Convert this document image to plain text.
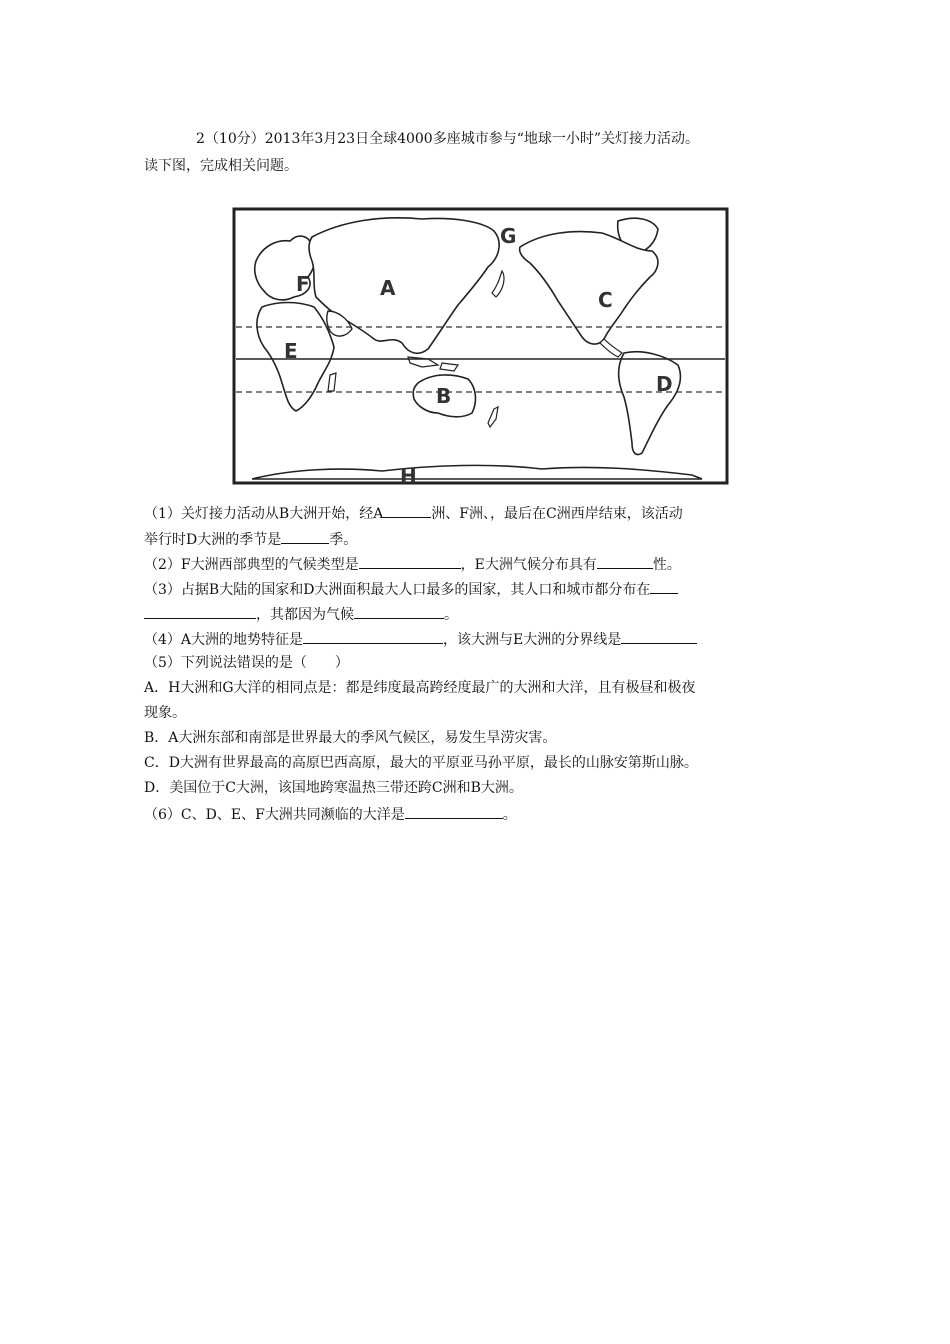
2（10分）2013年3月23日全球4000多座城市参与“地球一小时”关灯接力活动。
读下图，完成相关问题。
A
B
C
D
E
F
G
H
（1）关灯接力活动从B大洲开始，经A	洲、F洲、，最后在C洲西岸结束，该活动
举行时D大洲的季节是	季。
（2）F大洲西部典型的气候类型是	，E大洲气候分布具有	性。
（3）占据B大陆的国家和D大洲面积最大人口最多的国家，其人口和城市都分布在
，其都因为气候	。
（4）A大洲的地势特征是	，该大洲与E大洲的分界线是
（5）下列说法错误的是（　　）
A．H大洲和G大洋的相同点是：都是纬度最高跨经度最广的大洲和大洋，且有极昼和极夜
现象。
B．A大洲东部和南部是世界最大的季风气候区，易发生旱涝灾害。
C．D大洲有世界最高的高原巴西高原，最大的平原亚马孙平原，最长的山脉安第斯山脉。
D．美国位于C大洲，该国地跨寒温热三带还跨C洲和B大洲。
（6）C、D、E、F大洲共同濒临的大洋是	。
